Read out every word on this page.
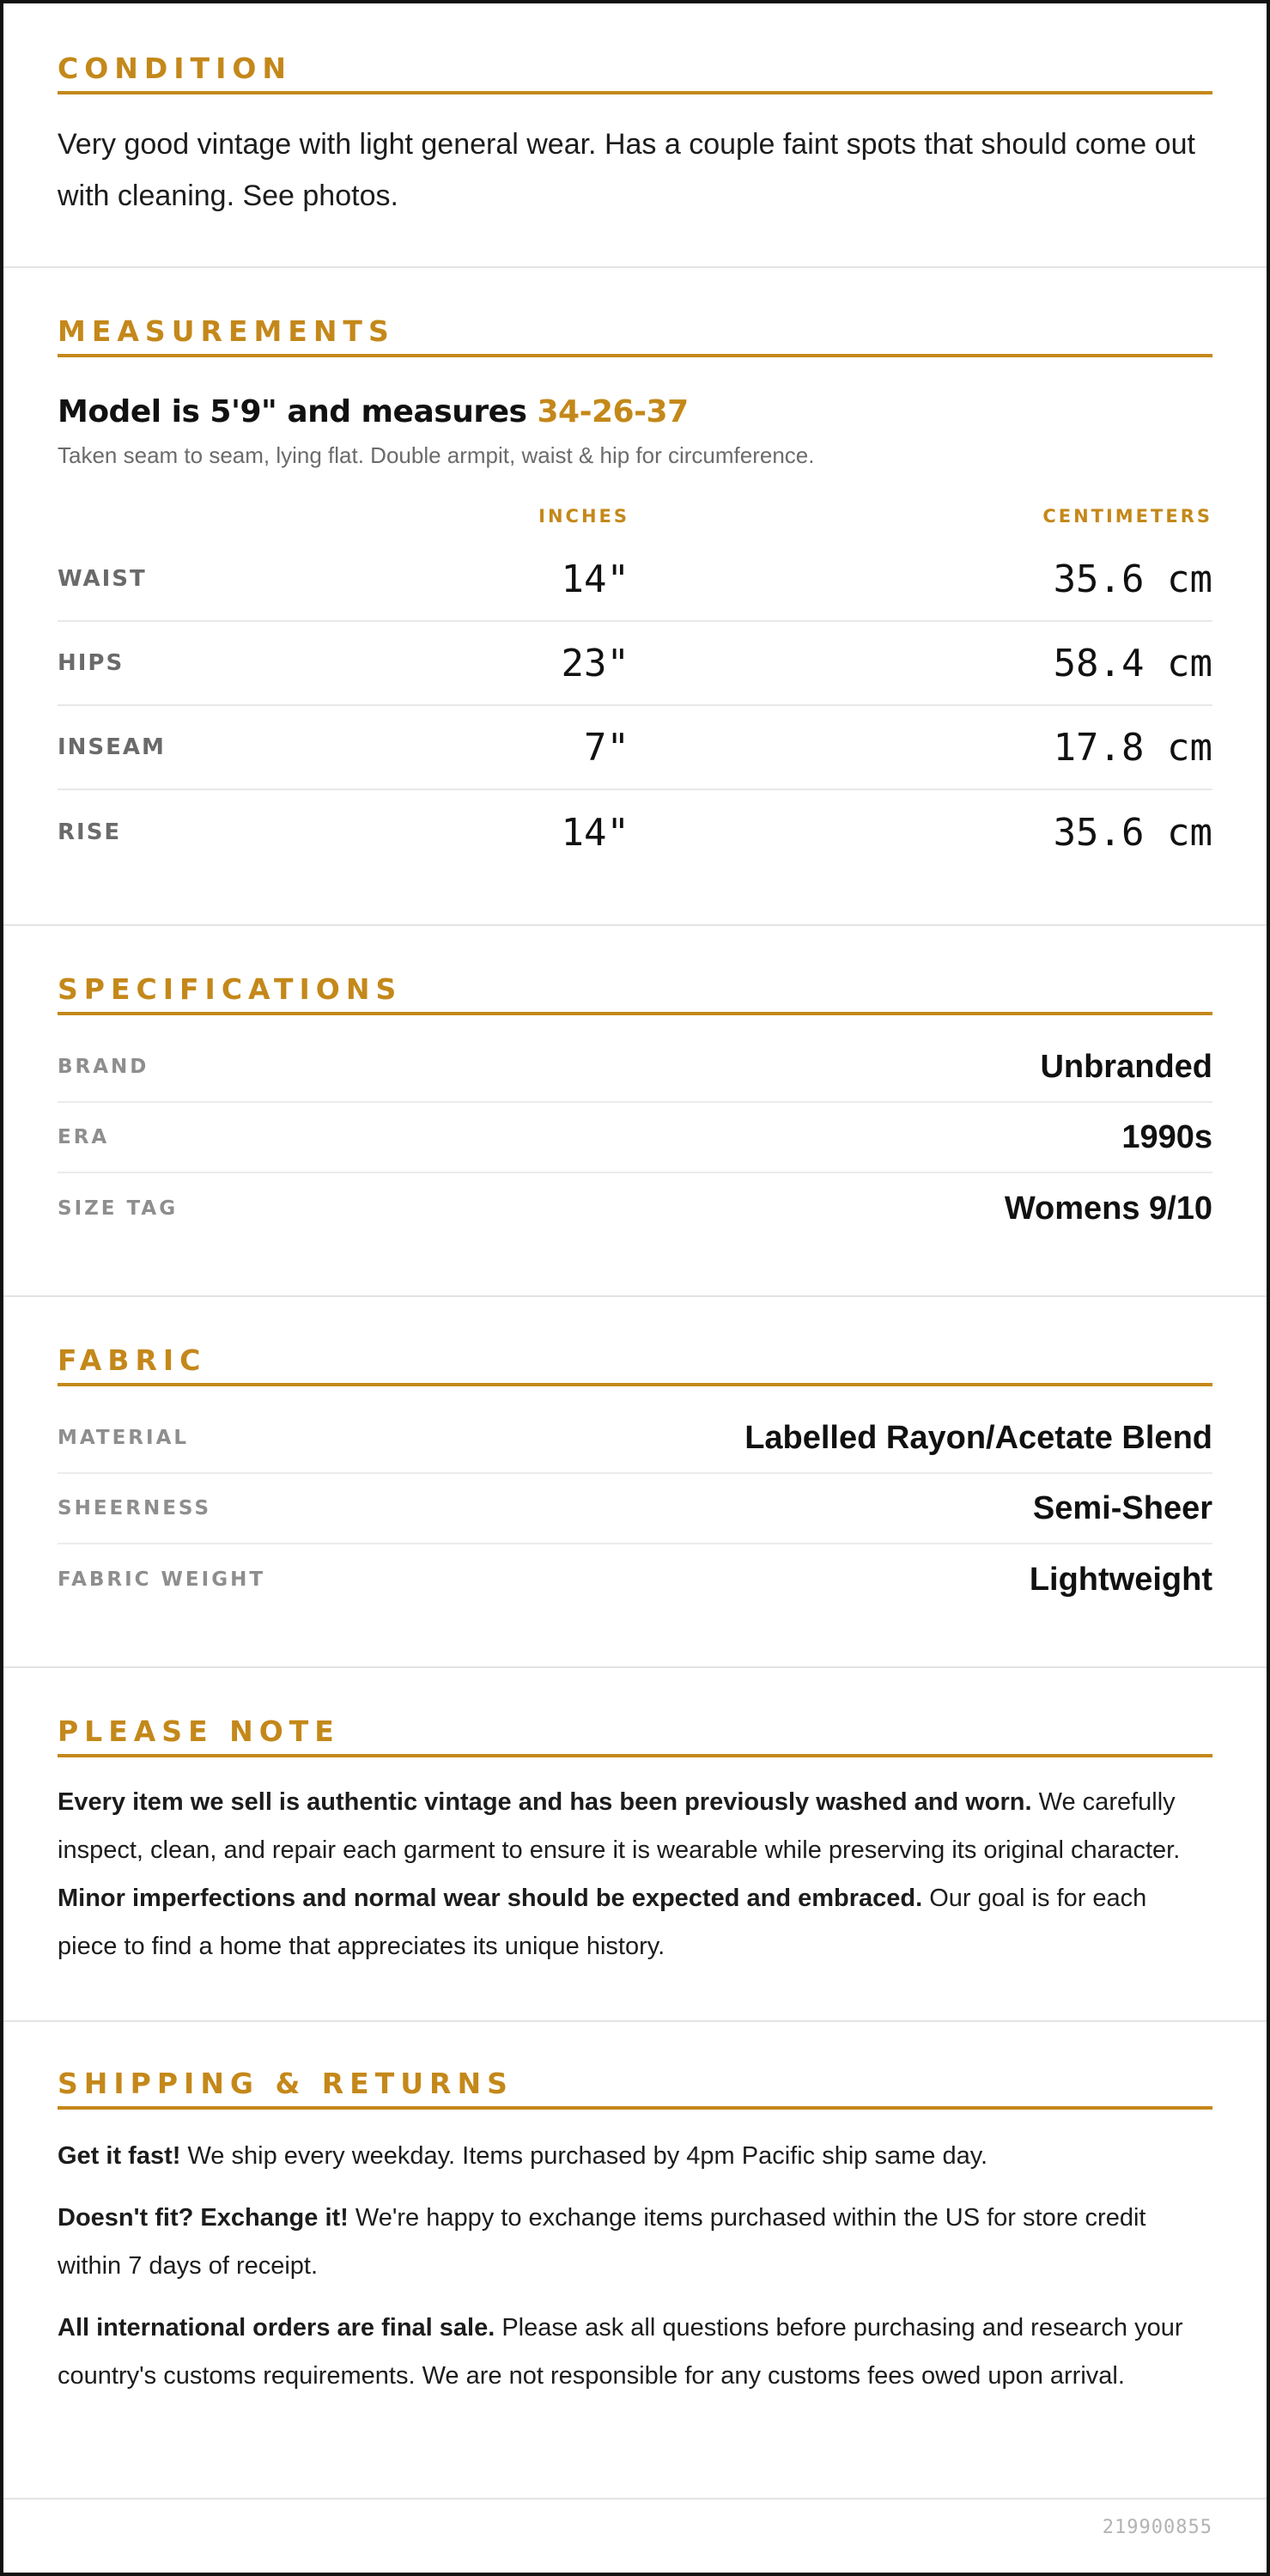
CONDITION
Very good vintage with light general wear. Has a couple faint spots that should come out with cleaning. See photos.
MEASUREMENTS
Model is 5'9" and measures 34-26-37
Taken seam to seam, lying flat. Double armpit, waist & hip for circumference.
INCHES	CENTIMETERS
WAIST	14"	35.6 cm
HIPS	23"	58.4 cm
INSEAM	7"	17.8 cm
RISE	14"	35.6 cm
SPECIFICATIONS
BRAND	Unbranded
ERA	1990s
SIZE TAG	Womens 9/10
FABRIC
MATERIAL	Labelled Rayon/Acetate Blend
SHEERNESS	Semi-Sheer
FABRIC WEIGHT	Lightweight
PLEASE NOTE
Every item we sell is authentic vintage and has been previously washed and worn. We carefully inspect, clean, and repair each garment to ensure it is wearable while preserving its original character. Minor imperfections and normal wear should be expected and embraced. Our goal is for each piece to find a home that appreciates its unique history.
SHIPPING & RETURNS
Get it fast! We ship every weekday. Items purchased by 4pm Pacific ship same day.
Doesn't fit? Exchange it! We're happy to exchange items purchased within the US for store credit within 7 days of receipt.
All international orders are final sale. Please ask all questions before purchasing and research your country's customs requirements. We are not responsible for any customs fees owed upon arrival.
219900855
